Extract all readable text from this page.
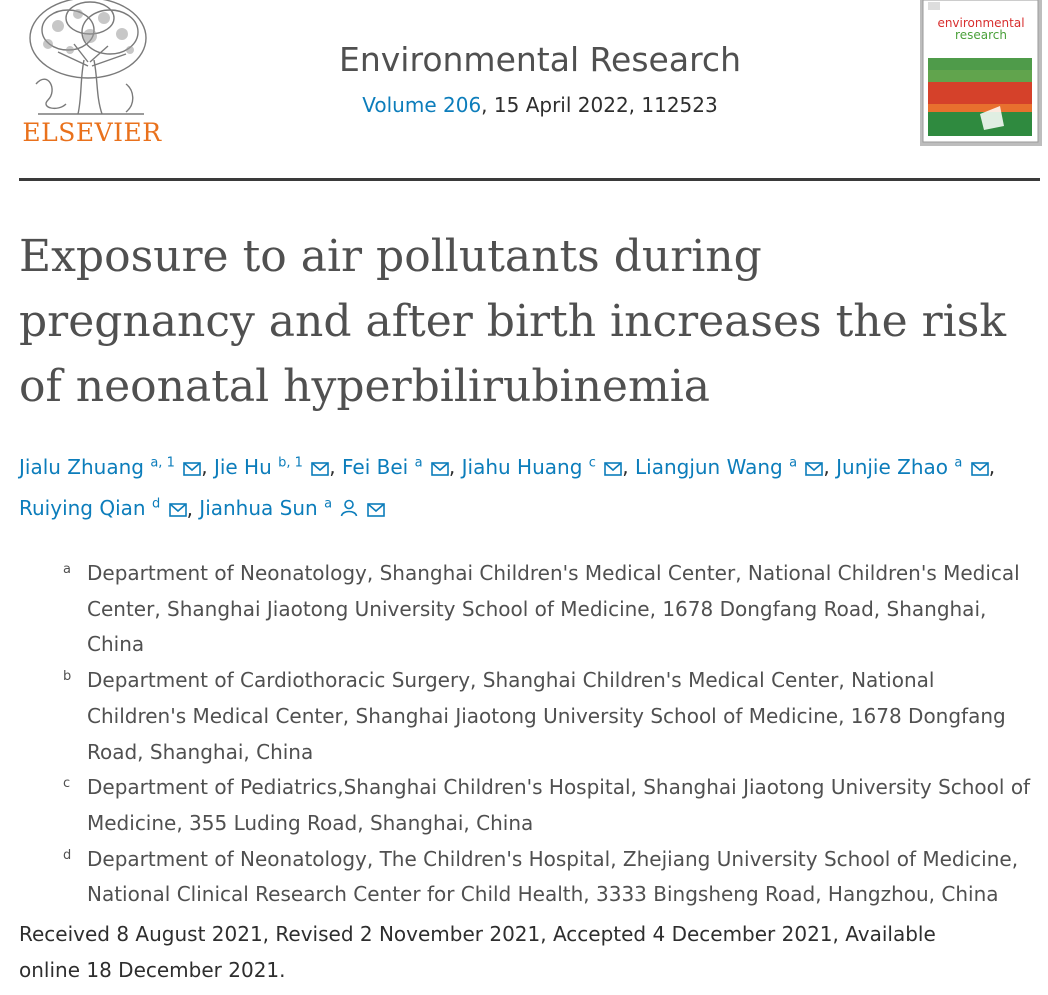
ELSEVIER
Environmental Research
Volume 206, 15 April 2022, 112523
environmental
research
Exposure to air pollutants during pregnancy and after birth increases the risk of neonatal hyperbilirubinemia
Jialu Zhuang $^{a, 1}$ , Jie Hu $^{b, 1}$ , Fei Bei $^a$ , Jiahu Huang $^c$ , Liangjun Wang $^a$ , Junjie Zhao $^a$ , Ruiying Qian $^d$ , Jianhua Sun $^a$
a Department of Neonatology, Shanghai Children's Medical Center, National Children's Medical Center, Shanghai Jiaotong University School of Medicine, 1678 Dongfang Road, Shanghai, China
b Department of Cardiothoracic Surgery, Shanghai Children's Medical Center, National Children's Medical Center, Shanghai Jiaotong University School of Medicine, 1678 Dongfang Road, Shanghai, China
c Department of Pediatrics,Shanghai Children's Hospital, Shanghai Jiaotong University School of Medicine, 355 Luding Road, Shanghai, China
d Department of Neonatology, The Children's Hospital, Zhejiang University School of Medicine, National Clinical Research Center for Child Health, 3333 Bingsheng Road, Hangzhou, China
Received 8 August 2021, Revised 2 November 2021, Accepted 4 December 2021, Available online 18 December 2021.
